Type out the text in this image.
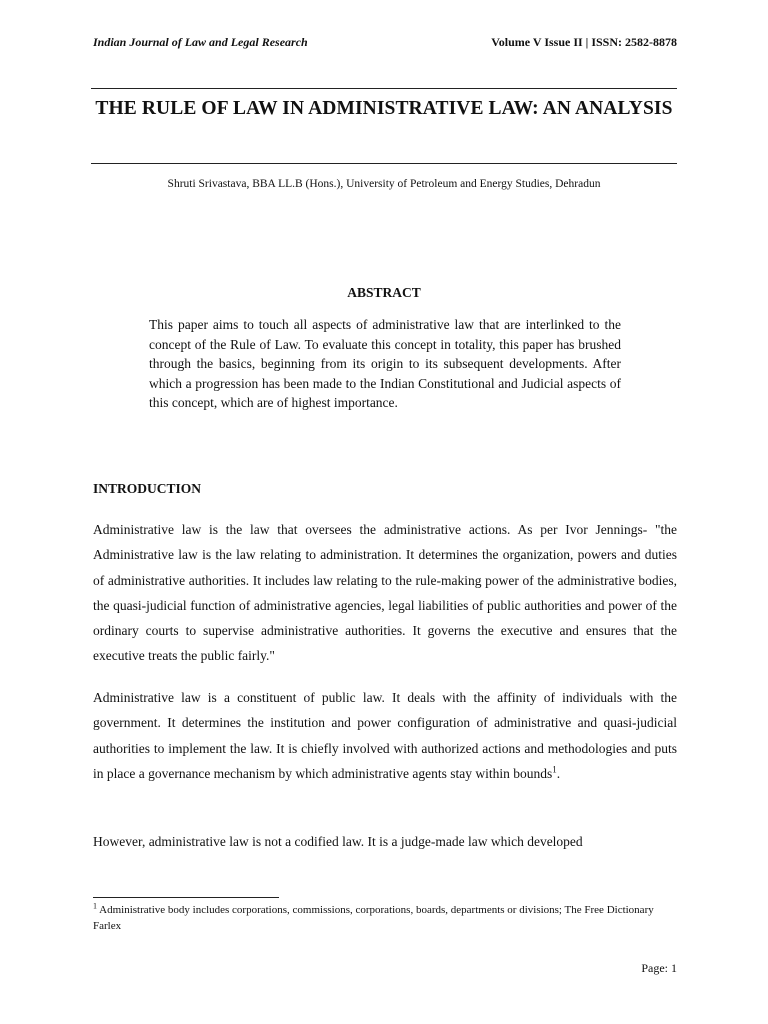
Indian Journal of Law and Legal Research	Volume V Issue II | ISSN: 2582-8878
THE RULE OF LAW IN ADMINISTRATIVE LAW: AN ANALYSIS
Shruti Srivastava, BBA LL.B (Hons.), University of Petroleum and Energy Studies, Dehradun
ABSTRACT

This paper aims to touch all aspects of administrative law that are interlinked to the concept of the Rule of Law. To evaluate this concept in totality, this paper has brushed through the basics, beginning from its origin to its subsequent developments. After which a progression has been made to the Indian Constitutional and Judicial aspects of this concept, which are of highest importance.

INTRODUCTION

Administrative law is the law that oversees the administrative actions. As per Ivor Jennings- "the Administrative law is the law relating to administration. It determines the organization, powers and duties of administrative authorities. It includes law relating to the rule-making power of the administrative bodies, the quasi-judicial function of administrative agencies, legal liabilities of public authorities and power of the ordinary courts to supervise administrative authorities. It governs the executive and ensures that the executive treats the public fairly."

Administrative law is a constituent of public law. It deals with the affinity of individuals with the government. It determines the institution and power configuration of administrative and quasi-judicial authorities to implement the law. It is chiefly involved with authorized actions and methodologies and puts in place a governance mechanism by which administrative agents stay within bounds$^1$.

However, administrative law is not a codified law. It is a judge-made law which developed

$^1$ Administrative body includes corporations, commissions, corporations, boards, departments or divisions; The Free Dictionary Farlex

Page: 1
